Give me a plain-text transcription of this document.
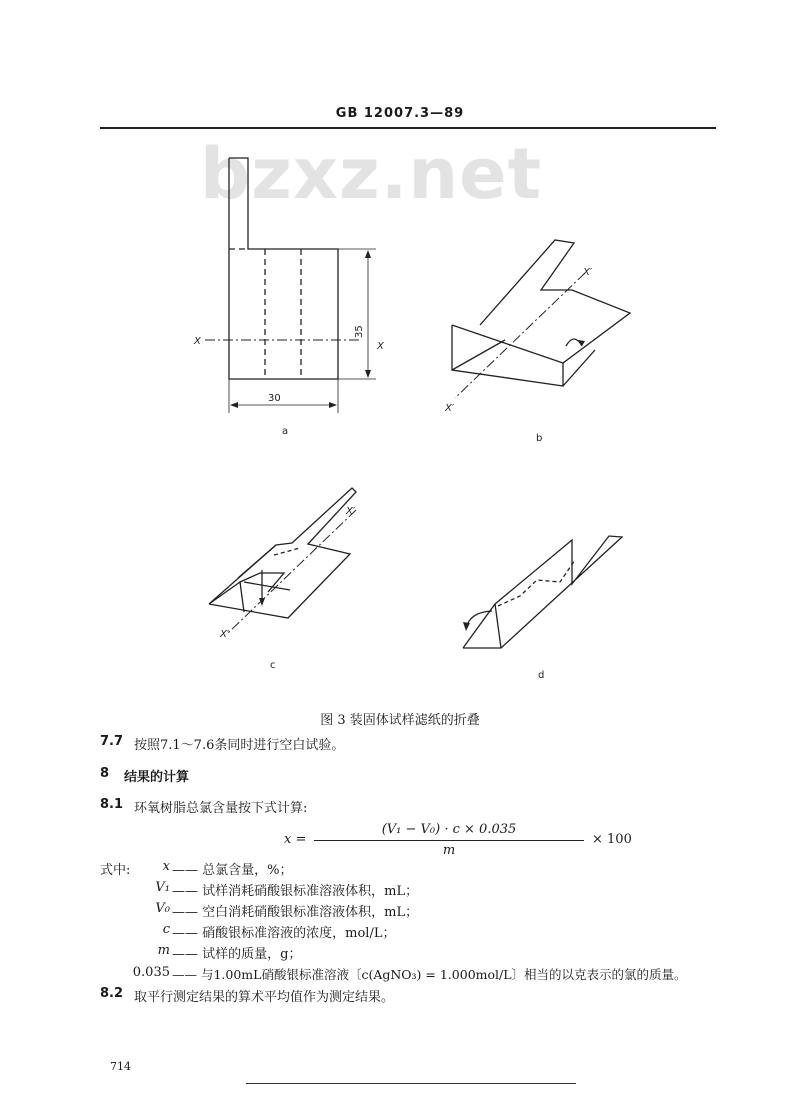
GB 12007.3—89
bzxz.net
X	X
35
30
X′
X′
X′
X′
a
b
c
d
图 3 装固体试样滤纸的折叠
7.7 按照7.1～7.6条同时进行空白试验。
8 结果的计算
8.1 环氧树脂总氯含量按下式计算:
x =
(V₁ − V₀) · c × 0.035
m
× 100
式中:	x —— 总氯含量，%；
V₁ —— 试样消耗硝酸银标准溶液体积，mL；
V₀ —— 空白消耗硝酸银标准溶液体积，mL；
c —— 硝酸银标准溶液的浓度，mol/L；
m —— 试样的质量，g；
0.035 —— 与1.00mL硝酸银标准溶液〔c(AgNO₃) = 1.000mol/L〕相当的以克表示的氯的质量。
8.2 取平行测定结果的算术平均值作为测定结果。
714
